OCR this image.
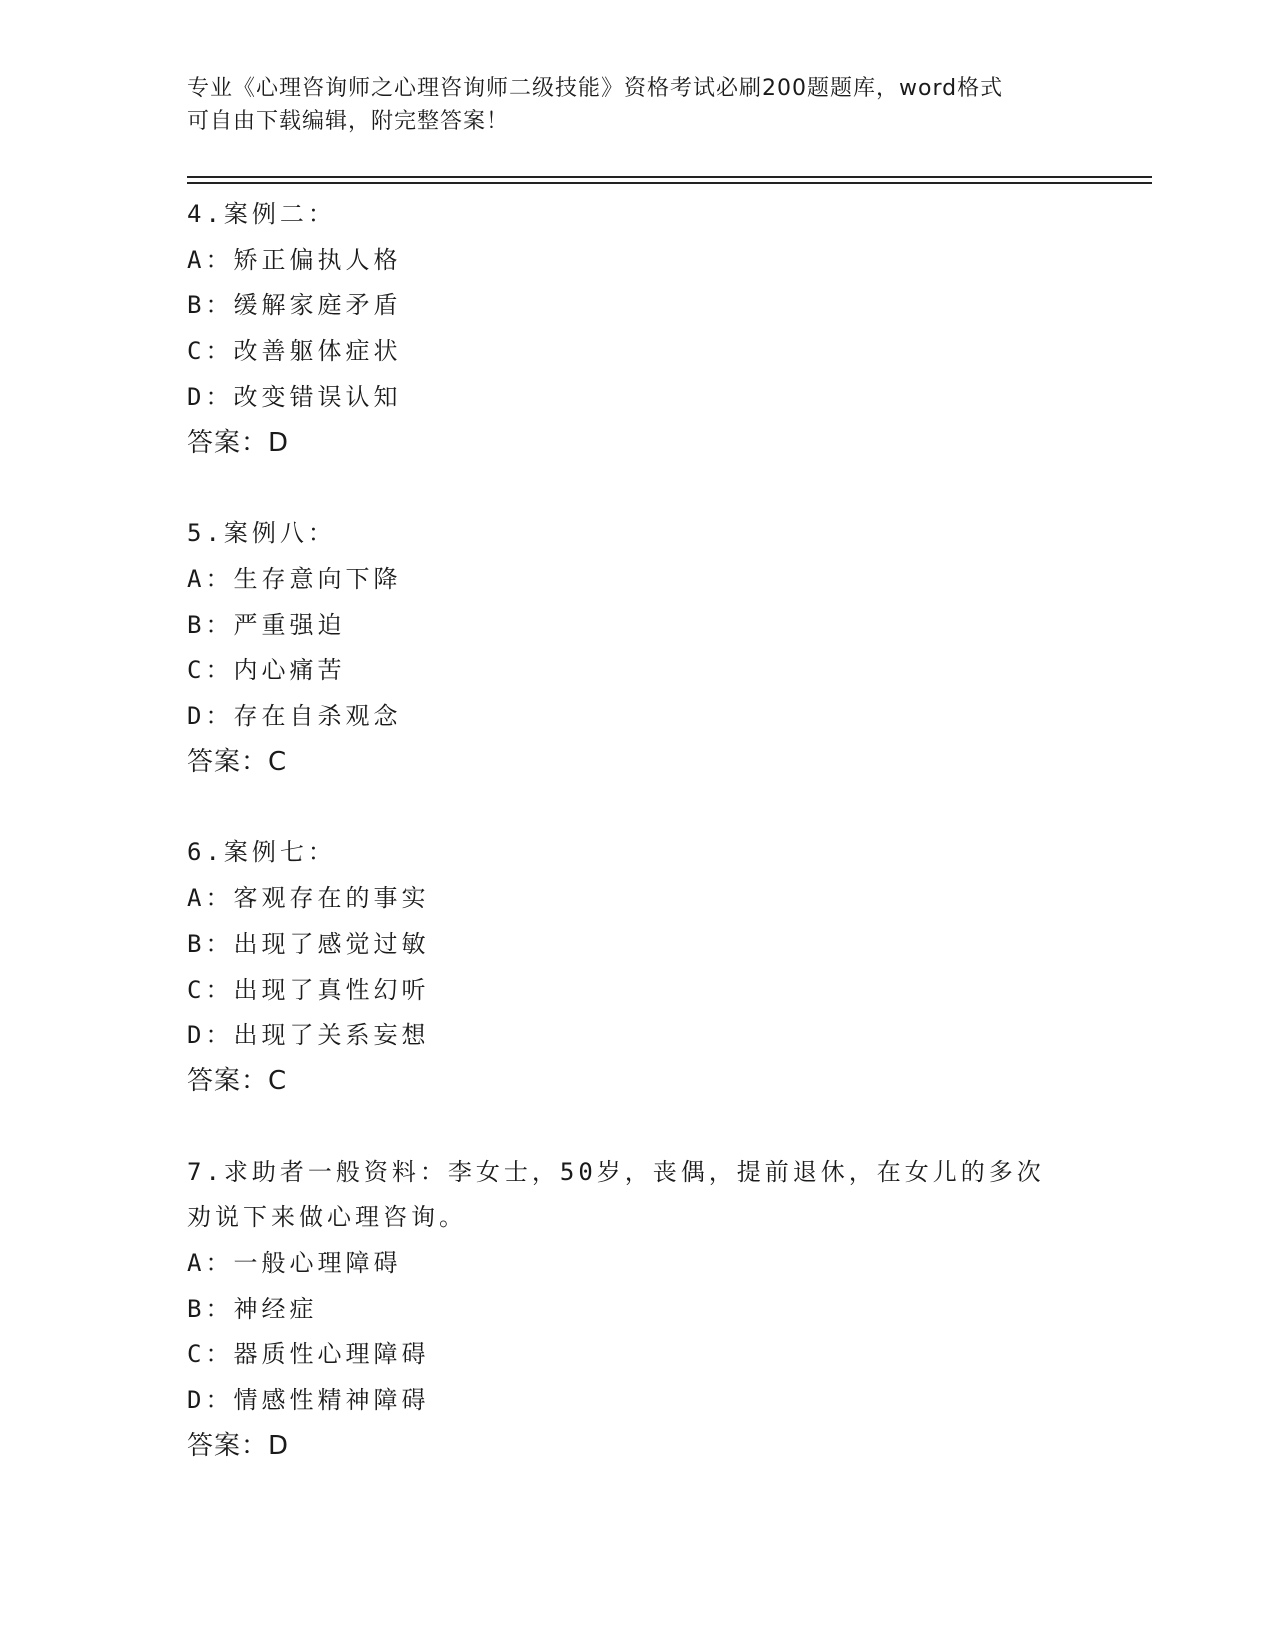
专业《心理咨询师之心理咨询师二级技能》资格考试必刷200题题库，word格式
可自由下载编辑，附完整答案！
4.案例二：
A：矫正偏执人格
B：缓解家庭矛盾
C：改善躯体症状
D：改变错误认知
答案：D
5.案例八：
A：生存意向下降
B：严重强迫
C：内心痛苦
D：存在自杀观念
答案：C
6.案例七：
A：客观存在的事实
B：出现了感觉过敏
C：出现了真性幻听
D：出现了关系妄想
答案：C
7.求助者一般资料：李女士，50岁，丧偶，提前退休，在女儿的多次劝说下来做心理咨询。
A：一般心理障碍
B：神经症
C：器质性心理障碍
D：情感性精神障碍
答案：D
